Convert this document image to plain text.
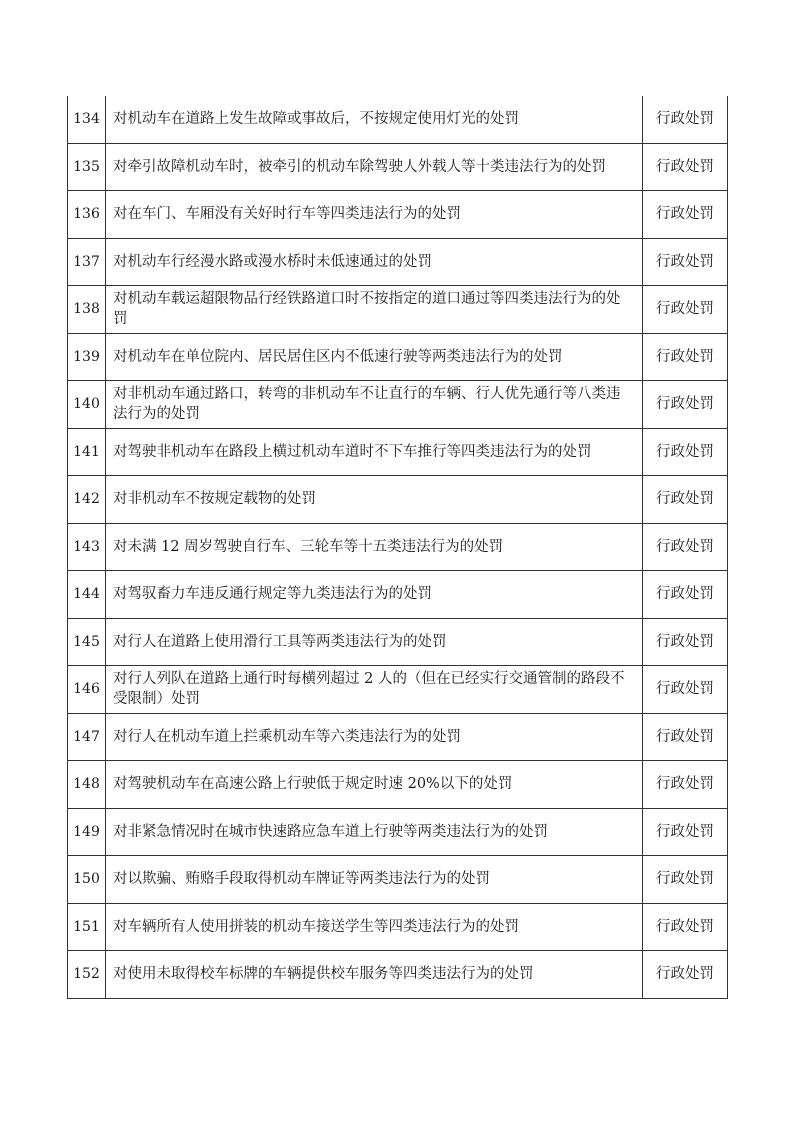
134	对机动车在道路上发生故障或事故后，不按规定使用灯光的处罚	行政处罚
135	对牵引故障机动车时，被牵引的机动车除驾驶人外载人等十类违法行为的处罚	行政处罚
136	对在车门、车厢没有关好时行车等四类违法行为的处罚	行政处罚
137	对机动车行经漫水路或漫水桥时未低速通过的处罚	行政处罚
138	对机动车载运超限物品行经铁路道口时不按指定的道口通过等四类违法行为的处罚	行政处罚
139	对机动车在单位院内、居民居住区内不低速行驶等两类违法行为的处罚	行政处罚
140	对非机动车通过路口，转弯的非机动车不让直行的车辆、行人优先通行等八类违法行为的处罚	行政处罚
141	对驾驶非机动车在路段上横过机动车道时不下车推行等四类违法行为的处罚	行政处罚
142	对非机动车不按规定载物的处罚	行政处罚
143	对未满 12 周岁驾驶自行车、三轮车等十五类违法行为的处罚	行政处罚
144	对驾驭畜力车违反通行规定等九类违法行为的处罚	行政处罚
145	对行人在道路上使用滑行工具等两类违法行为的处罚	行政处罚
146	对行人列队在道路上通行时每横列超过 2 人的（但在已经实行交通管制的路段不受限制）处罚	行政处罚
147	对行人在机动车道上拦乘机动车等六类违法行为的处罚	行政处罚
148	对驾驶机动车在高速公路上行驶低于规定时速 20%以下的处罚	行政处罚
149	对非紧急情况时在城市快速路应急车道上行驶等两类违法行为的处罚	行政处罚
150	对以欺骗、贿赂手段取得机动车牌证等两类违法行为的处罚	行政处罚
151	对车辆所有人使用拼装的机动车接送学生等四类违法行为的处罚	行政处罚
152	对使用未取得校车标牌的车辆提供校车服务等四类违法行为的处罚	行政处罚
